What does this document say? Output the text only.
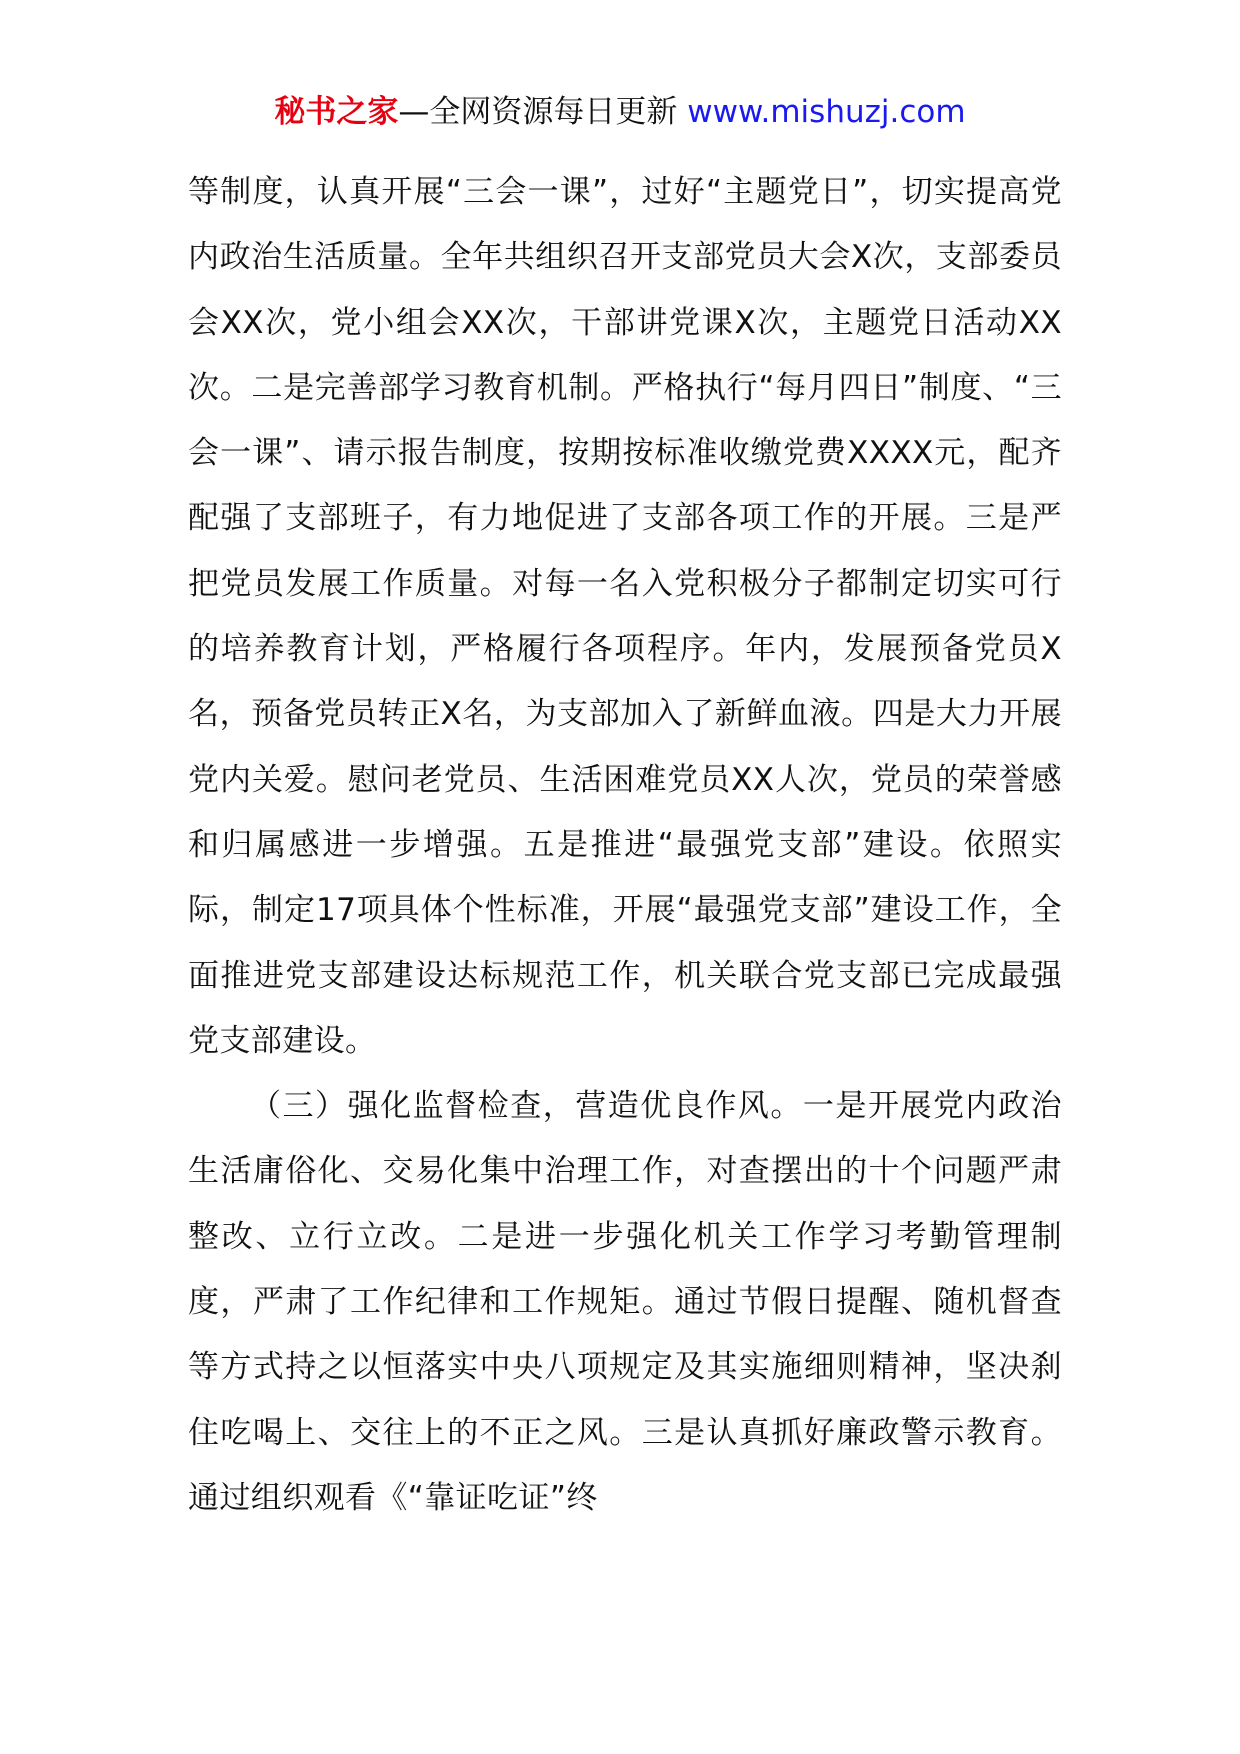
秘书之家—全网资源每日更新 www.mishuzj.com

等制度，认真开展“三会一课”，过好“主题党日”，切实提高党内政治生活质量。全年共组织召开支部党员大会X次，支部委员会XX次，党小组会XX次，干部讲党课X次，主题党日活动XX次。二是完善部学习教育机制。严格执行“每月四日”制度、“三会一课”、请示报告制度，按期按标准收缴党费XXXX元，配齐配强了支部班子，有力地促进了支部各项工作的开展。三是严把党员发展工作质量。对每一名入党积极分子都制定切实可行的培养教育计划，严格履行各项程序。年内，发展预备党员X名，预备党员转正X名，为支部加入了新鲜血液。四是大力开展党内关爱。慰问老党员、生活困难党员XX人次，党员的荣誉感和归属感进一步增强。五是推进“最强党支部”建设。依照实际，制定17项具体个性标准，开展“最强党支部”建设工作，全面推进党支部建设达标规范工作，机关联合党支部已完成最强党支部建设。

（三）强化监督检查，营造优良作风。一是开展党内政治生活庸俗化、交易化集中治理工作，对查摆出的十个问题严肃整改、立行立改。二是进一步强化机关工作学习考勤管理制度，严肃了工作纪律和工作规矩。通过节假日提醒、随机督查等方式持之以恒落实中央八项规定及其实施细则精神，坚决刹住吃喝上、交往上的不正之风。三是认真抓好廉政警示教育。通过组织观看《“靠证吃证”终
